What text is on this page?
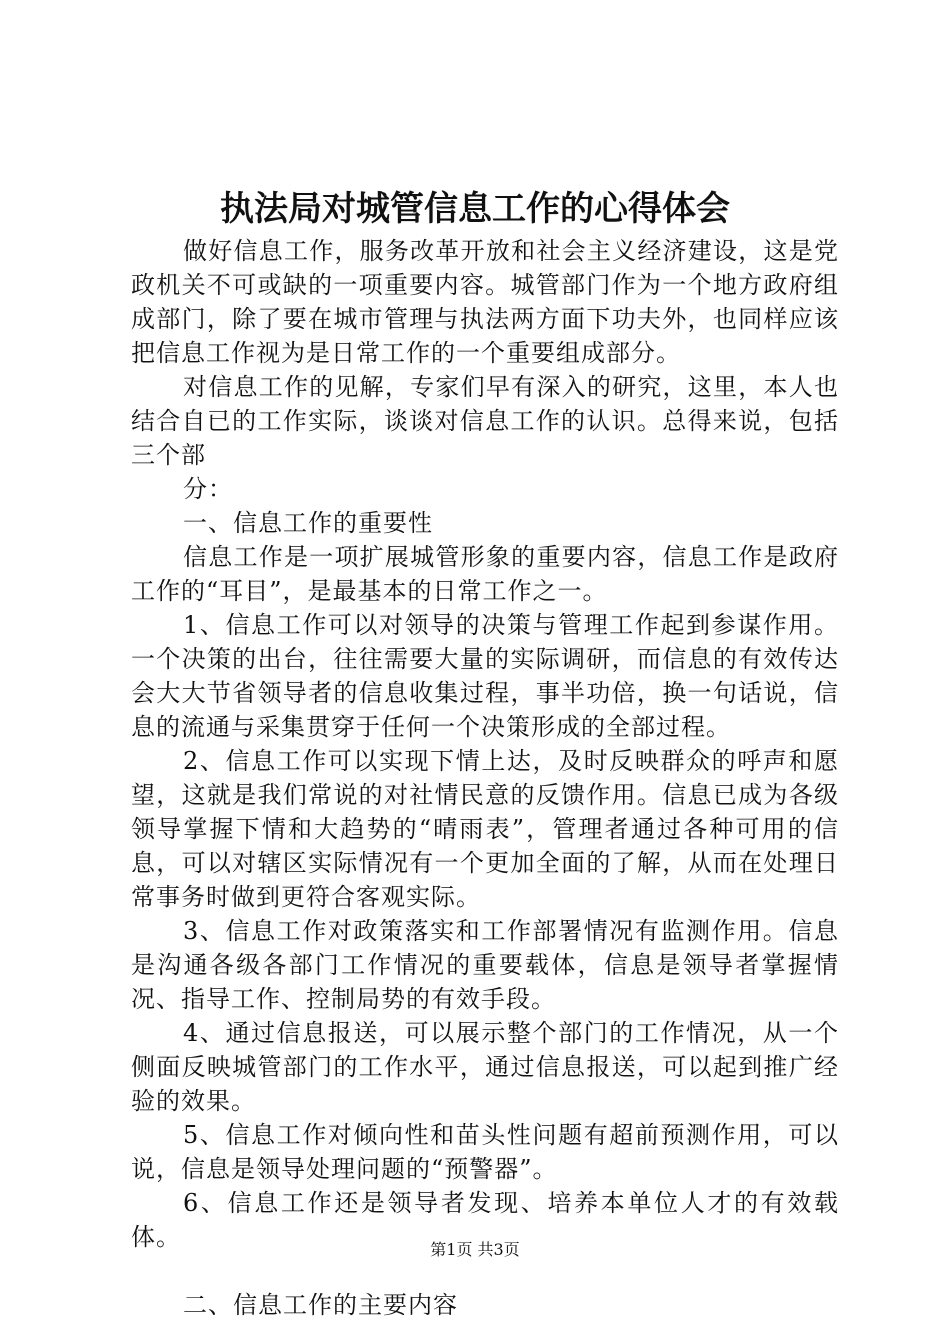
执法局对城管信息工作的心得体会

做好信息工作，服务改革开放和社会主义经济建设，这是党政机关不可或缺的一项重要内容。城管部门作为一个地方政府组成部门，除了要在城市管理与执法两方面下功夫外，也同样应该把信息工作视为是日常工作的一个重要组成部分。

对信息工作的见解，专家们早有深入的研究，这里，本人也结合自已的工作实际，谈谈对信息工作的认识。总得来说，包括三个部

分：

一、信息工作的重要性

信息工作是一项扩展城管形象的重要内容，信息工作是政府工作的“耳目”，是最基本的日常工作之一。

1、信息工作可以对领导的决策与管理工作起到参谋作用。一个决策的出台，往往需要大量的实际调研，而信息的有效传达会大大节省领导者的信息收集过程，事半功倍，换一句话说，信息的流通与采集贯穿于任何一个决策形成的全部过程。

2、信息工作可以实现下情上达，及时反映群众的呼声和愿望，这就是我们常说的对社情民意的反馈作用。信息已成为各级领导掌握下情和大趋势的“晴雨表”，管理者通过各种可用的信息，可以对辖区实际情况有一个更加全面的了解，从而在处理日常事务时做到更符合客观实际。

3、信息工作对政策落实和工作部署情况有监测作用。信息是沟通各级各部门工作情况的重要载体，信息是领导者掌握情况、指导工作、控制局势的有效手段。

4、通过信息报送，可以展示整个部门的工作情况，从一个侧面反映城管部门的工作水平，通过信息报送，可以起到推广经验的效果。

5、信息工作对倾向性和苗头性问题有超前预测作用，可以说，信息是领导处理问题的“预警器”。

6、信息工作还是领导者发现、培养本单位人才的有效载体。

二、信息工作的主要内容

第1页 共3页
